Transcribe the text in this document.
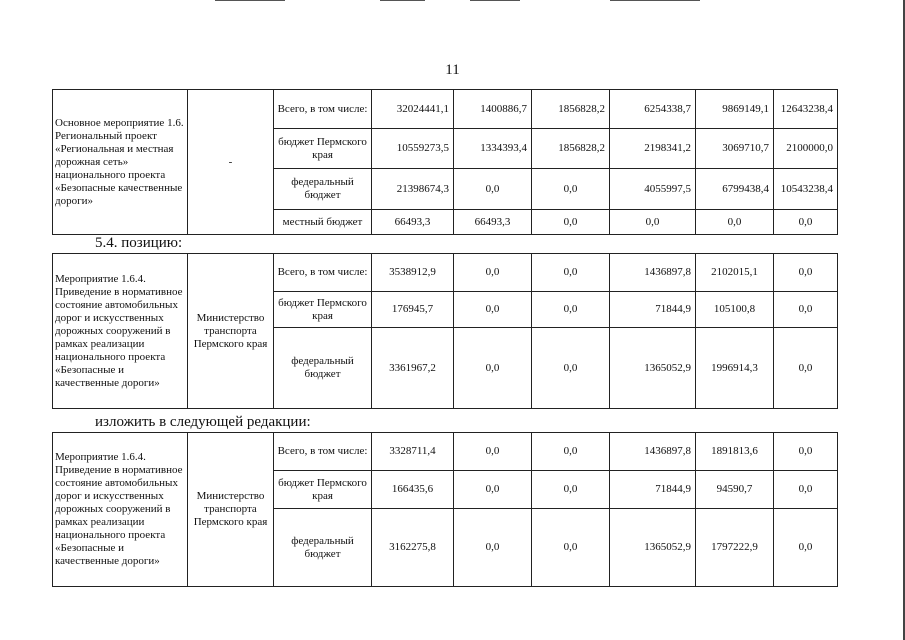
11
Основное мероприятие 1.6. Региональный проект «Региональная и местная дорожная сеть» национального проекта «Безопасные качественные дороги»	-	Всего, в том числе:	32024441,1	1400886,7	1856828,2	6254338,7	9869149,1	12643238,4
		бюджет Пермского края	10559273,5	1334393,4	1856828,2	2198341,2	3069710,7	2100000,0
		федеральный бюджет	21398674,3	0,0	0,0	4055997,5	6799438,4	10543238,4
		местный бюджет	66493,3	66493,3	0,0	0,0	0,0	0,0
5.4. позицию:
Мероприятие 1.6.4. Приведение в нормативное состояние автомобильных дорог и искусственных дорожных сооружений в рамках реализации национального проекта «Безопасные и качественные дороги»	Министерство транспорта Пермского края	Всего, в том числе:	3538912,9	0,0	0,0	1436897,8	2102015,1	0,0
		бюджет Пермского края	176945,7	0,0	0,0	71844,9	105100,8	0,0
		федеральный бюджет	3361967,2	0,0	0,0	1365052,9	1996914,3	0,0
изложить в следующей редакции:
Мероприятие 1.6.4. Приведение в нормативное состояние автомобильных дорог и искусственных дорожных сооружений в рамках реализации национального проекта «Безопасные и качественные дороги»	Министерство транспорта Пермского края	Всего, в том числе:	3328711,4	0,0	0,0	1436897,8	1891813,6	0,0
		бюджет Пермского края	166435,6	0,0	0,0	71844,9	94590,7	0,0
		федеральный бюджет	3162275,8	0,0	0,0	1365052,9	1797222,9	0,0
